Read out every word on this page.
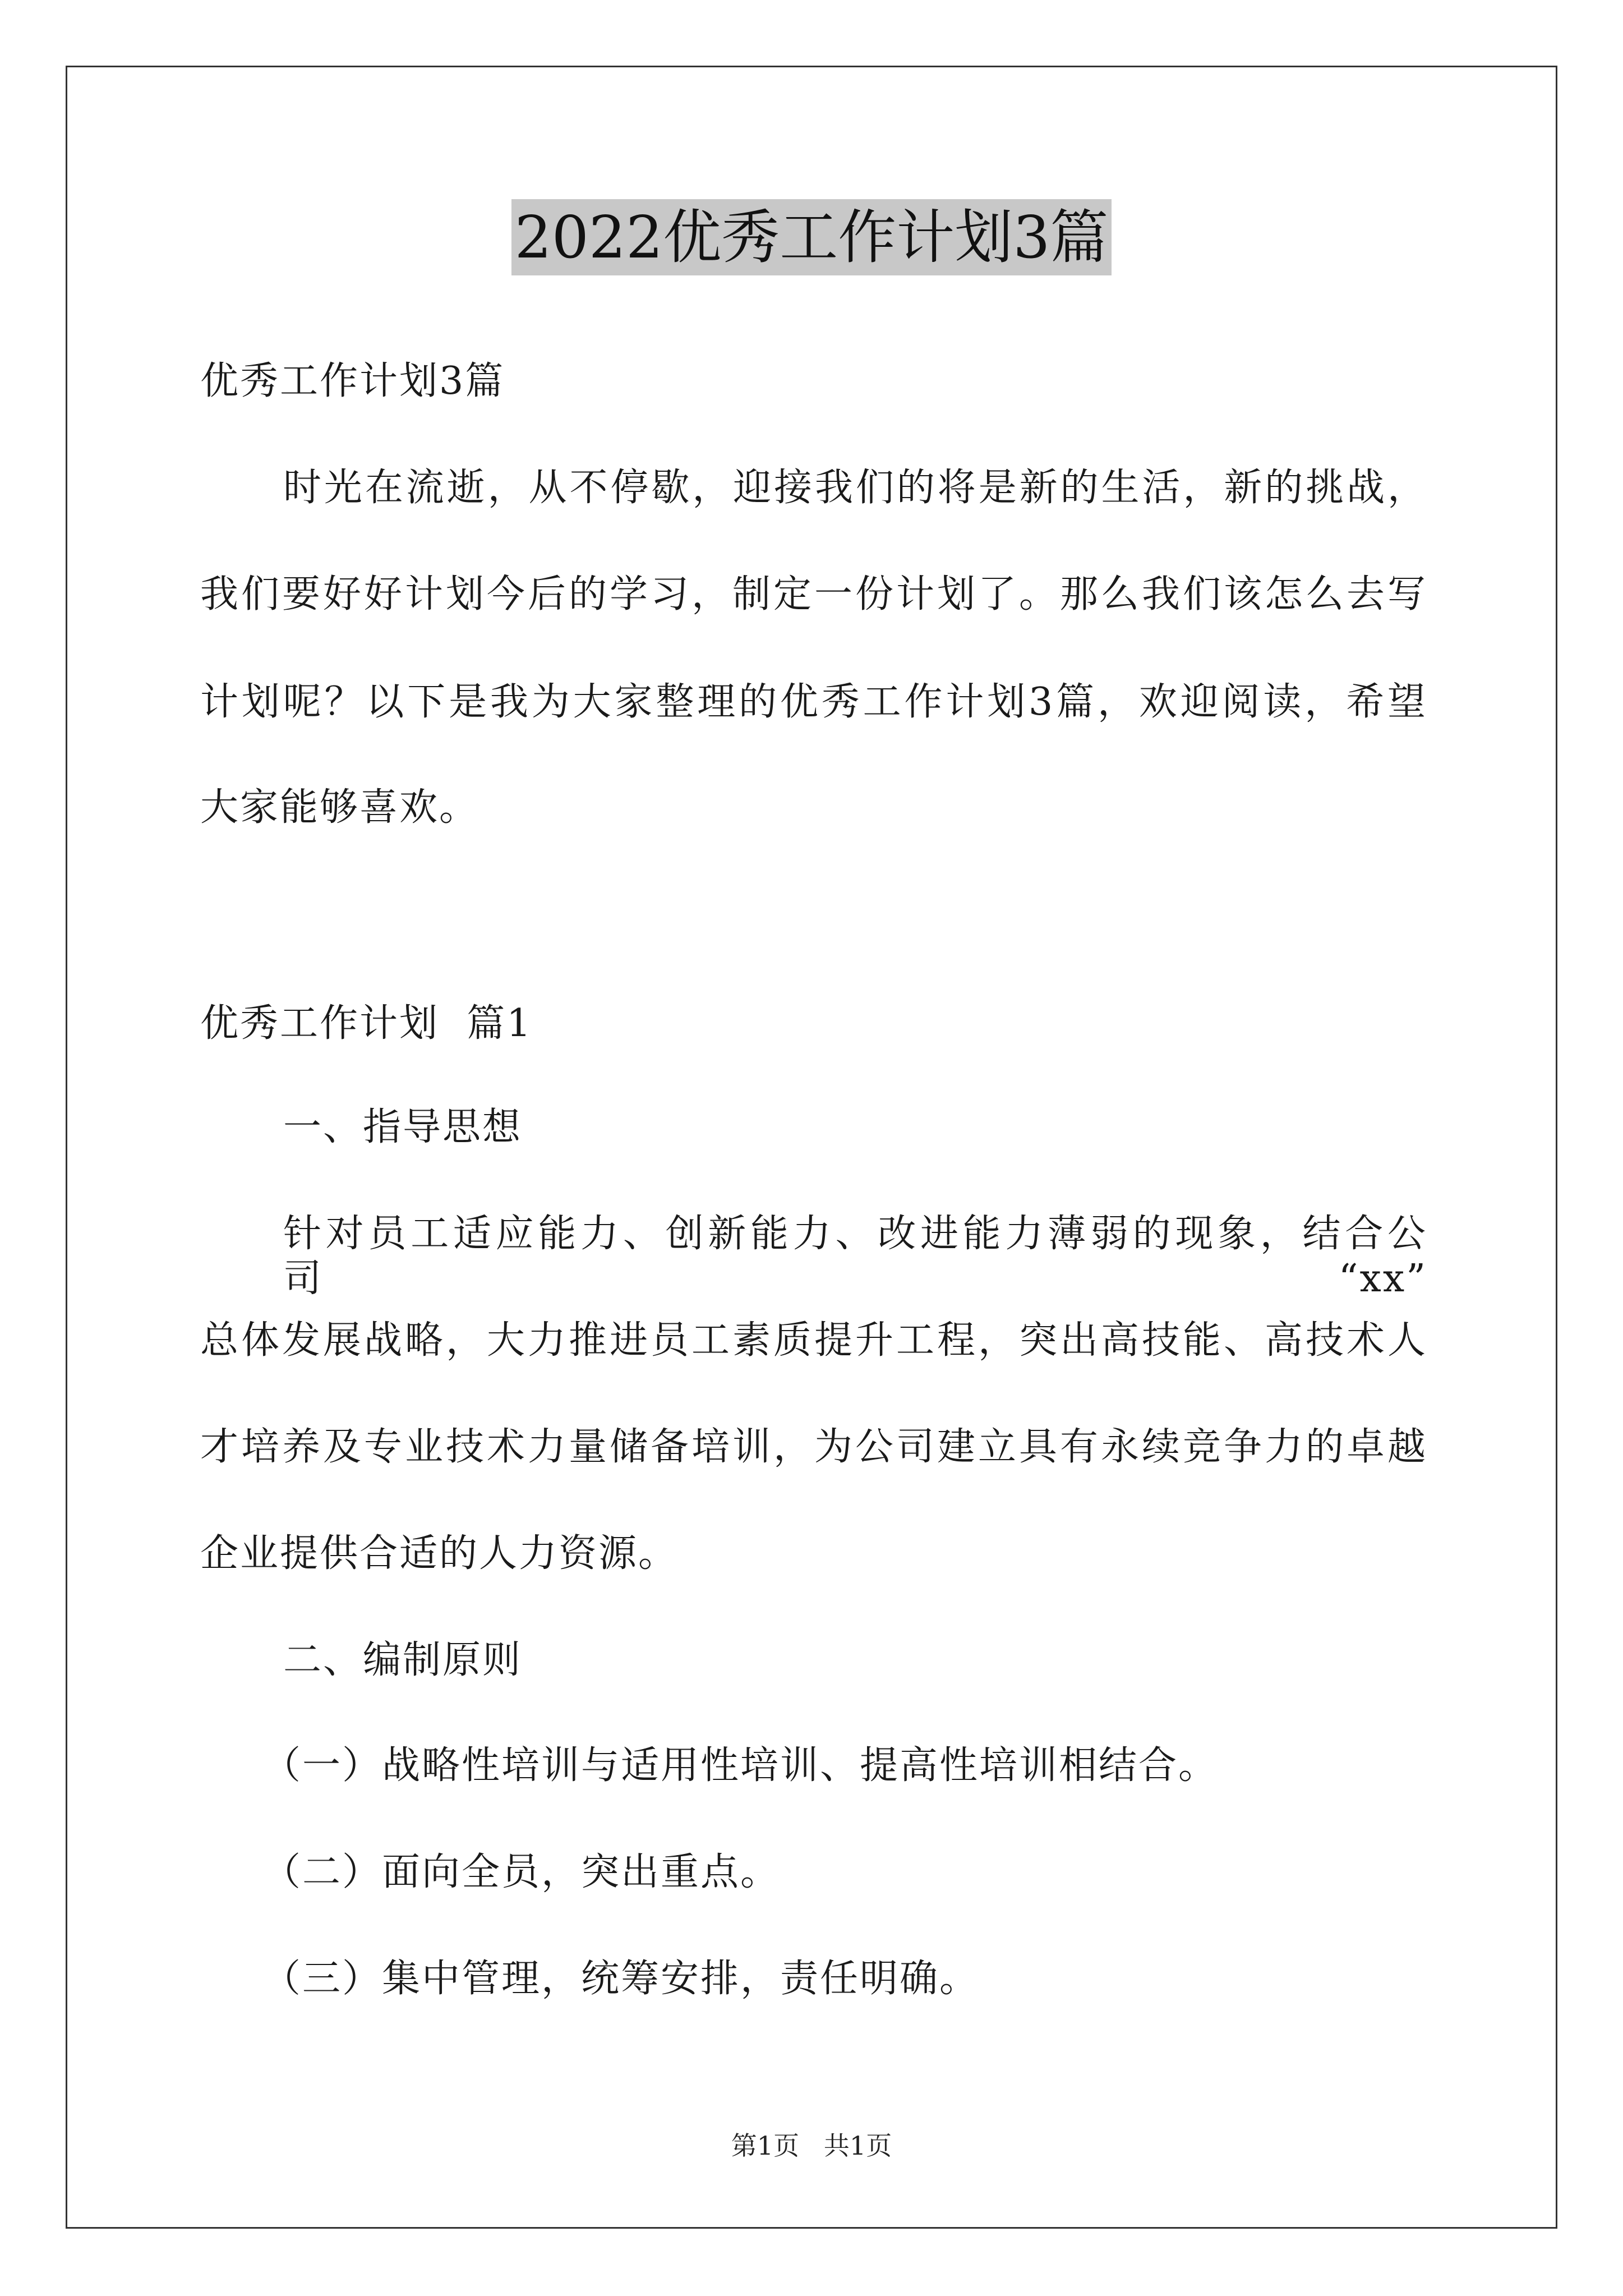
2022优秀工作计划3篇
优秀工作计划3篇
时光在流逝，从不停歇，迎接我们的将是新的生活，新的挑战，
我们要好好计划今后的学习，制定一份计划了。那么我们该怎么去写
计划呢？以下是我为大家整理的优秀工作计划3篇，欢迎阅读，希望
大家能够喜欢。
优秀工作计划  篇1
一、指导思想
针对员工适应能力、创新能力、改进能力薄弱的现象，结合公司“xx”
总体发展战略，大力推进员工素质提升工程，突出高技能、高技术人
才培养及专业技术力量储备培训，为公司建立具有永续竞争力的卓越
企业提供合适的人力资源。
二、编制原则
（一）战略性培训与适用性培训、提高性培训相结合。
（二）面向全员，突出重点。
（三）集中管理，统筹安排，责任明确。
第1页   共1页
